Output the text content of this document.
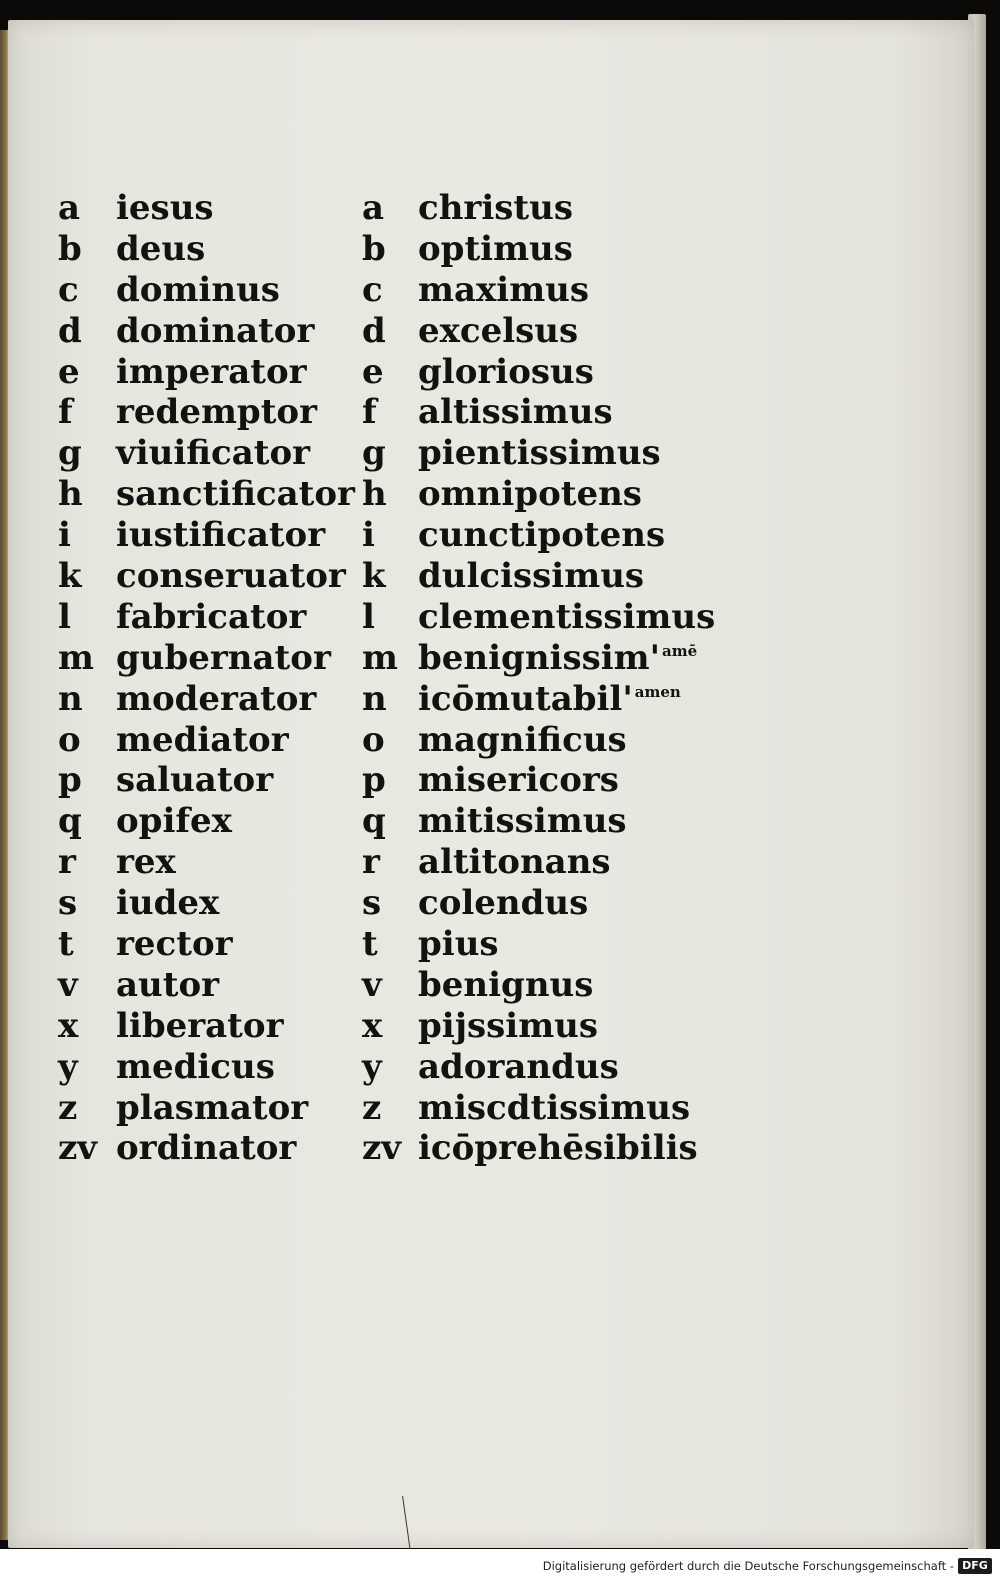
a iesus
b deus
c dominus
d dominator
e imperator
f redemptor
g viuificator
h sanctificator
i iustificator
k conseruator
l fabricator
m gubernator
n moderator
o mediator
p saluator
q opifex
r rex
s iudex
t rector
v autor
x liberator
y medicus
z plasmator
zv ordinator
a christus
b optimus
c maximus
d excelsus
e gloriosus
f altissimus
g pientissimus
h omnipotens
i cunctipotens
k dulcissimus
l clementissimus
m benignissim' $^{amē}$
n icōmutabil' $^{amen}$
o magnificus
p misericors
q mitissimus
r altitonans
s colendus
t pius
v benignus
x pijssimus
y adorandus
z miscdtissimus
zv icōprehēsibilis
Digitalisierung gefördert durch die Deutsche Forschungsgemeinschaft - DFG
